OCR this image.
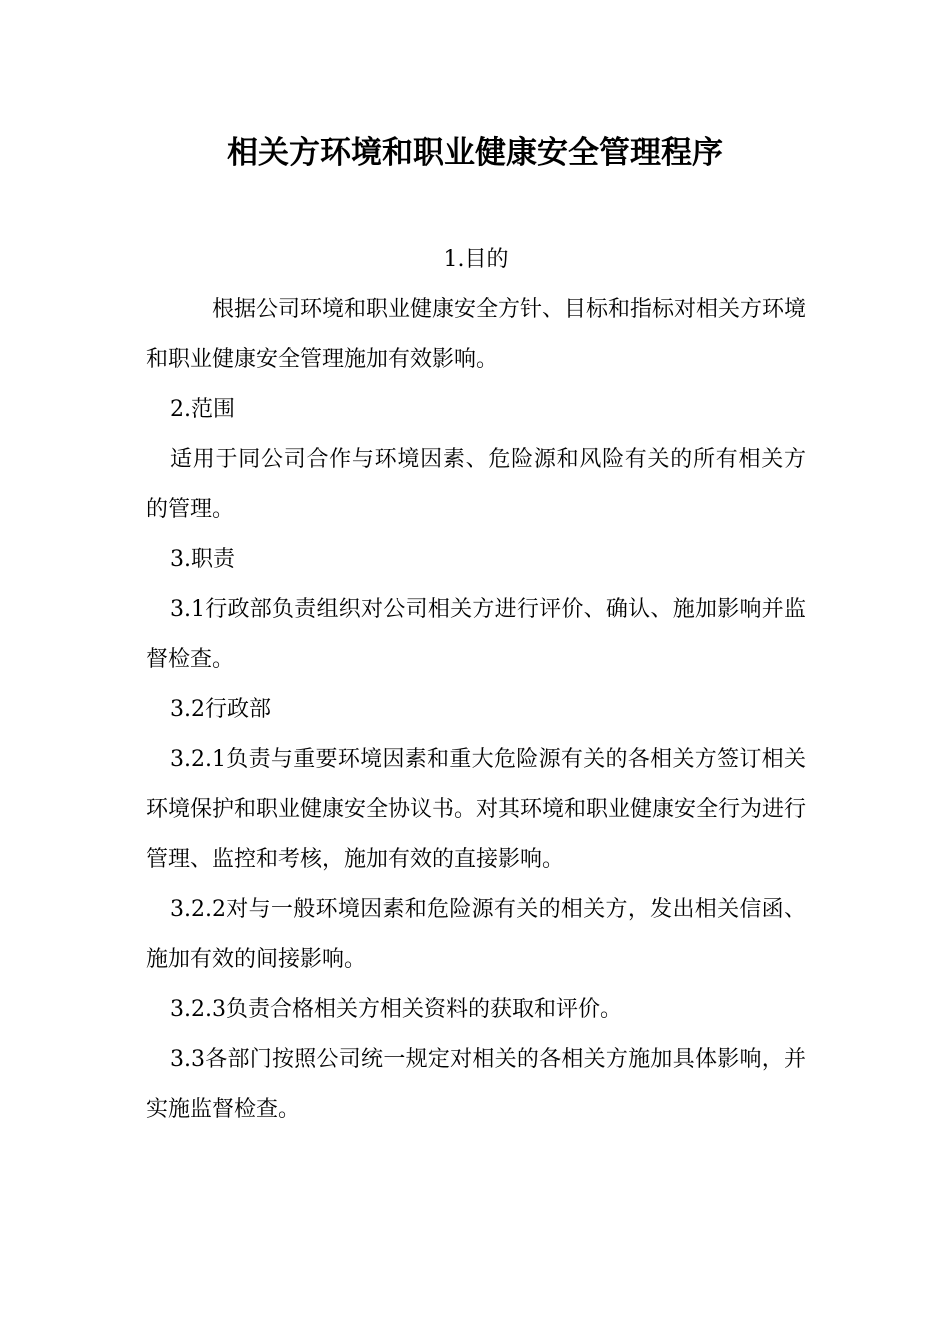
相关方环境和职业健康安全管理程序

1.目的

根据公司环境和职业健康安全方针、目标和指标对相关方环境和职业健康安全管理施加有效影响。

2.范围

适用于同公司合作与环境因素、危险源和风险有关的所有相关方的管理。

3.职责

3.1行政部负责组织对公司相关方进行评价、确认、施加影响并监督检查。

3.2行政部

3.2.1负责与重要环境因素和重大危险源有关的各相关方签订相关环境保护和职业健康安全协议书。对其环境和职业健康安全行为进行管理、监控和考核，施加有效的直接影响。

3.2.2对与一般环境因素和危险源有关的相关方，发出相关信函、施加有效的间接影响。

3.2.3负责合格相关方相关资料的获取和评价。

3.3各部门按照公司统一规定对相关的各相关方施加具体影响，并实施监督检查。
